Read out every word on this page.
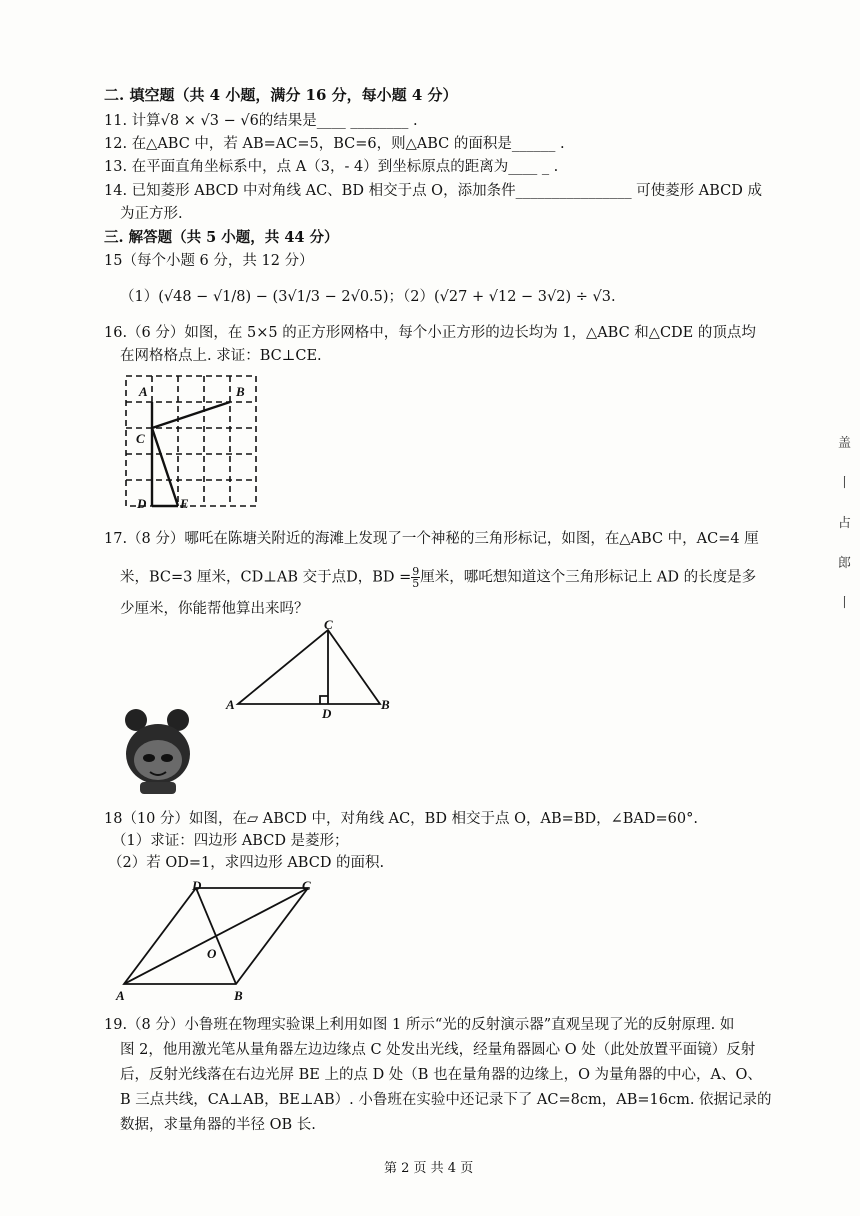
二. 填空题（共 4 小题，满分 16 分，每小题 4 分）
11. 计算√8 × √3 − √6的结果是____ ________ .
12. 在△ABC 中，若 AB=AC=5，BC=6，则△ABC 的面积是______ .
13. 在平面直角坐标系中，点 A（3，- 4）到坐标原点的距离为____ _ .
14. 已知菱形 ABCD 中对角线 AC、BD 相交于点 O，添加条件________________ 可使菱形 ABCD 成
为正方形.
三. 解答题（共 5 小题，共 44 分）
15（每个小题 6 分，共 12 分）
（1）(√48 − √1/8) − (3√1/3 − 2√0.5)；（2）(√27 + √12 − 3√2) ÷ √3.
16.（6 分）如图，在 5×5 的正方形网格中，每个小正方形的边长均为 1，△ABC 和△CDE 的顶点均
在网格格点上. 求证：BC⊥CE.
A	B
C
D	E
17.（8 分）哪吒在陈塘关附近的海滩上发现了一个神秘的三角形标记，如图，在△ABC 中，AC=4 厘
米，BC=3 厘米，CD⊥AB 交于点D，BD = $\frac{9}{5}$ 厘米，哪吒想知道这个三角形标记上 AD 的长度是多
少厘米，你能帮他算出来吗？
C
A
D
B
18（10 分）如图，在▱ ABCD 中，对角线 AC，BD 相交于点 O，AB=BD，∠BAD=60°.
（1）求证：四边形 ABCD 是菱形；
（2）若 OD=1，求四边形 ABCD 的面积.
D	C
O
A	B
19.（8 分）小鲁班在物理实验课上利用如图 1 所示“光的反射演示器”直观呈现了光的反射原理. 如
图 2，他用激光笔从量角器左边边缘点 C 处发出光线，经量角器圆心 O 处（此处放置平面镜）反射
后，反射光线落在右边光屏 BE 上的点 D 处（B 也在量角器的边缘上，O 为量角器的中心，A、O、
B 三点共线，CA⊥AB，BE⊥AB）. 小鲁班在实验中还记录下了 AC=8cm，AB=16cm. 依据记录的
数据，求量角器的半径 OB 长.
第 2 页 共 4 页
盖 丨 占 郎 丨
